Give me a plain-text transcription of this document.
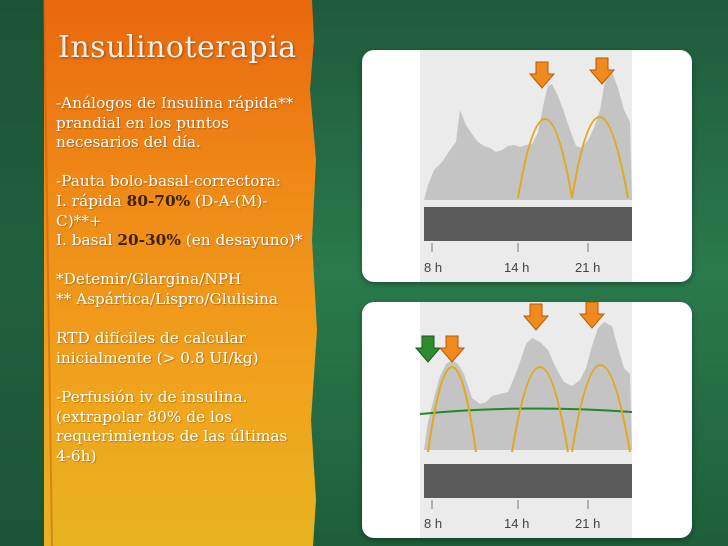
Insulinoterapia
-Análogos de Insulina rápida**
prandial en los puntos
necesarios del día.
-Pauta bolo-basal-correctora:
I. rápida 80-70% (D-A-(M)-
C)**+
I. basal 20-30% (en desayuno)*
*Detemir/Glargina/NPH
** Aspártica/Lispro/Glulisina
RTD difíciles de calcular
inicialmente (> 0.8 UI/kg)
-Perfusión iv de insulina.
(extrapolar 80% de los
requerimientos de las últimas
4-6h)
8 h	14 h	21 h
8 h	14 h	21 h
